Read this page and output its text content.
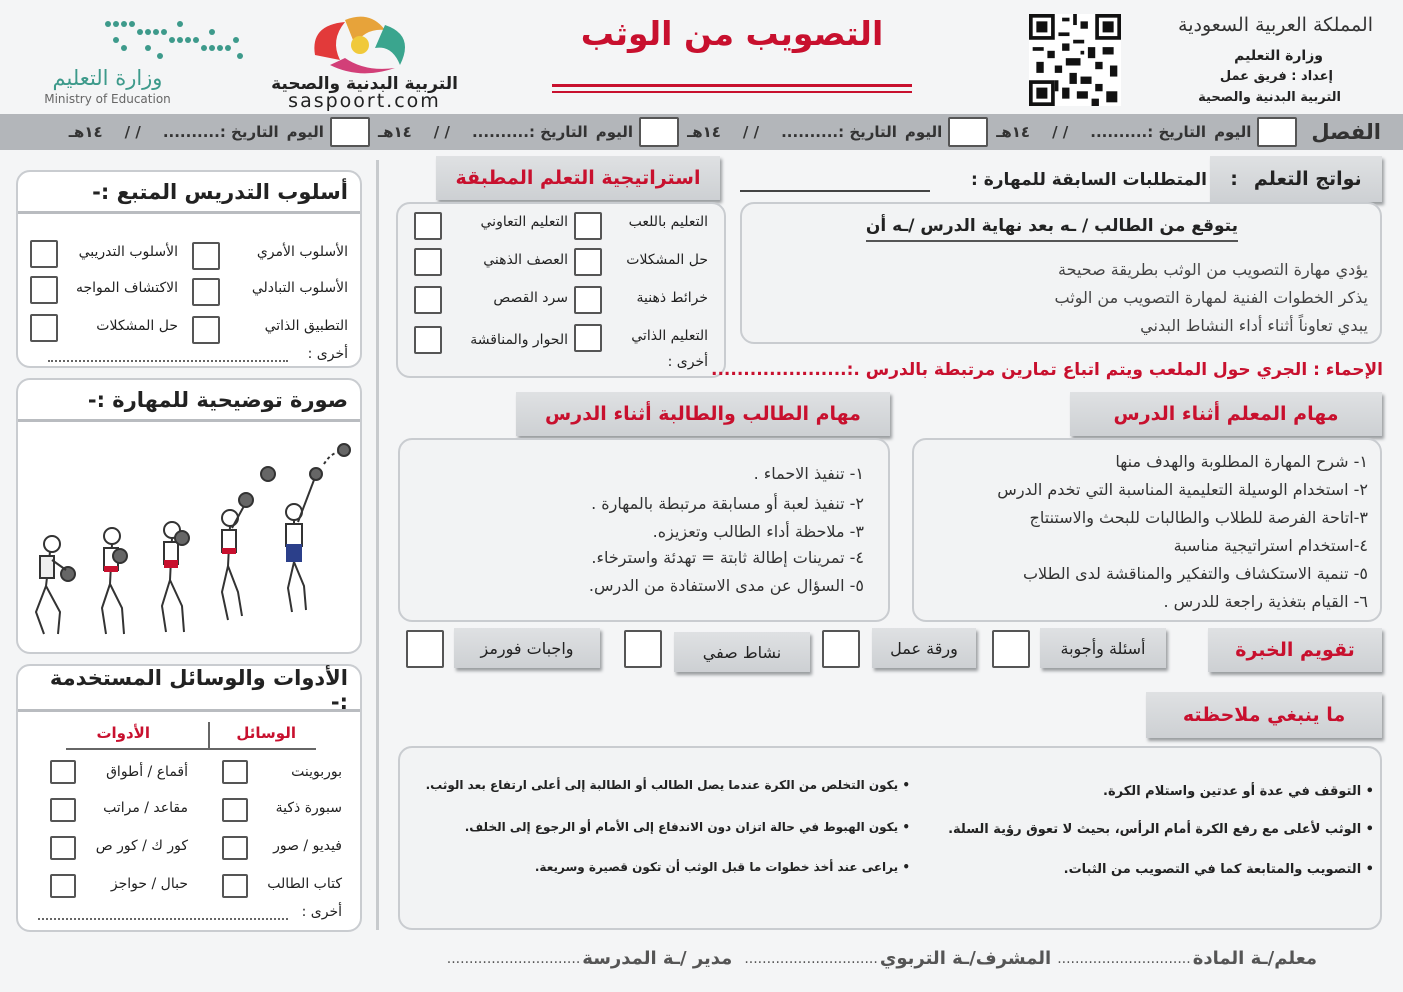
المملكة العربية السعودية
وزارة التعليم
إعداد : فريق عمل
التربية البدنية والصحية
التصويب من الوثب
التربية البدنية والصحية
saspoort.com
وزارة التعليم
Ministry of Education
الفصل
اليوم
التاريخ :
..........
/ /
١٤هـ
اليوم
التاريخ :
..........
/ /
١٤هـ
اليوم
التاريخ :
..........
/ /
١٤هـ
اليوم
التاريخ :
..........
/ /
١٤هـ
أسلوب التدريس المتبع :-
الأسلوب الأمري
الأسلوب التبادلي
التطبيق الذاتي
الأسلوب التدريبي
الاكتشاف المواجه
حل المشكلات
أخرى :
صورة توضيحية للمهارة :-
الأدوات والوسائل المستخدمة :-
الوسائل
الأدوات
بوربوينت
سبورة ذكية
فيديو / صور
كتاب الطالب
أقماع / أطواق
مقاعد / مراتب
كور ك / كور ص
حبال / حواجز
أخرى :
نواتج التعلم
:
المتطلبات السابقة للمهارة :
استراتيجية التعلم المطبقة
يتوقع من الطالب / ـه بعد نهاية الدرس /ـه أن
يؤدي مهارة التصويب من الوثب بطريقة صحيحة
يذكر الخطوات الفنية لمهارة التصويب من الوثب
يبدي تعاوناً أثناء أداء النشاط البدني
التعليم باللعب
حل المشكلات
خرائط ذهنية
التعليم الذاتي
التعليم التعاوني
العصف الذهني
سرد القصص
الحوار والمناقشة
أخرى : الإحماء : الجري حول الملعب ويتم اتباع تمارين مرتبطة بالدرس .:.....................
مهام المعلم أثناء الدرس
مهام الطالب والطالبة أثناء الدرس
١- شرح المهارة المطلوبة والهدف منها
٢- استخدام الوسيلة التعليمية المناسبة التي تخدم الدرس
٣-اتاحة الفرصة للطلاب والطالبات للبحث والاستنتاج
٤-استخدام استراتيجية مناسبة
٥- تنمية الاستكشاف والتفكير والمناقشة لدى الطلاب
٦- القيام بتغذية راجعة للدرس .
١- تنفيذ الاحماء .
٢- تنفيذ لعبة أو مسابقة مرتبطة بالمهارة .
٣- ملاحظة أداء الطالب وتعزيزه.
٤- تمرينات إطالة ثابتة = تهدئة واسترخاء.
٥- السؤال عن مدى الاستفادة من الدرس.
تقويم الخبرة
أسئلة وأجوبة
ورقة عمل
نشاط صفي
واجبات فورمز
ما ينبغي ملاحظته
• التوقف في عدة أو عدتين واستلام الكرة.
• الوثب لأعلى مع رفع الكرة أمام الرأس، بحيث لا تعوق رؤية السلة.
• التصويب والمتابعة كما في التصويب من الثبات.
• يكون التخلص من الكرة عندما يصل الطالب أو الطالبة إلى أعلى ارتفاع بعد الوثب.
• يكون الهبوط في حالة اتزان دون الاندفاع إلى الأمام أو الرجوع إلى الخلف.
• يراعى عند أخذ خطوات ما قبل الوثب أن تكون قصيرة وسريعة.
معلم/ـة المادة
..............................
المشرف/ـة التربوي
..............................
مدير /ـة المدرسة
..............................
